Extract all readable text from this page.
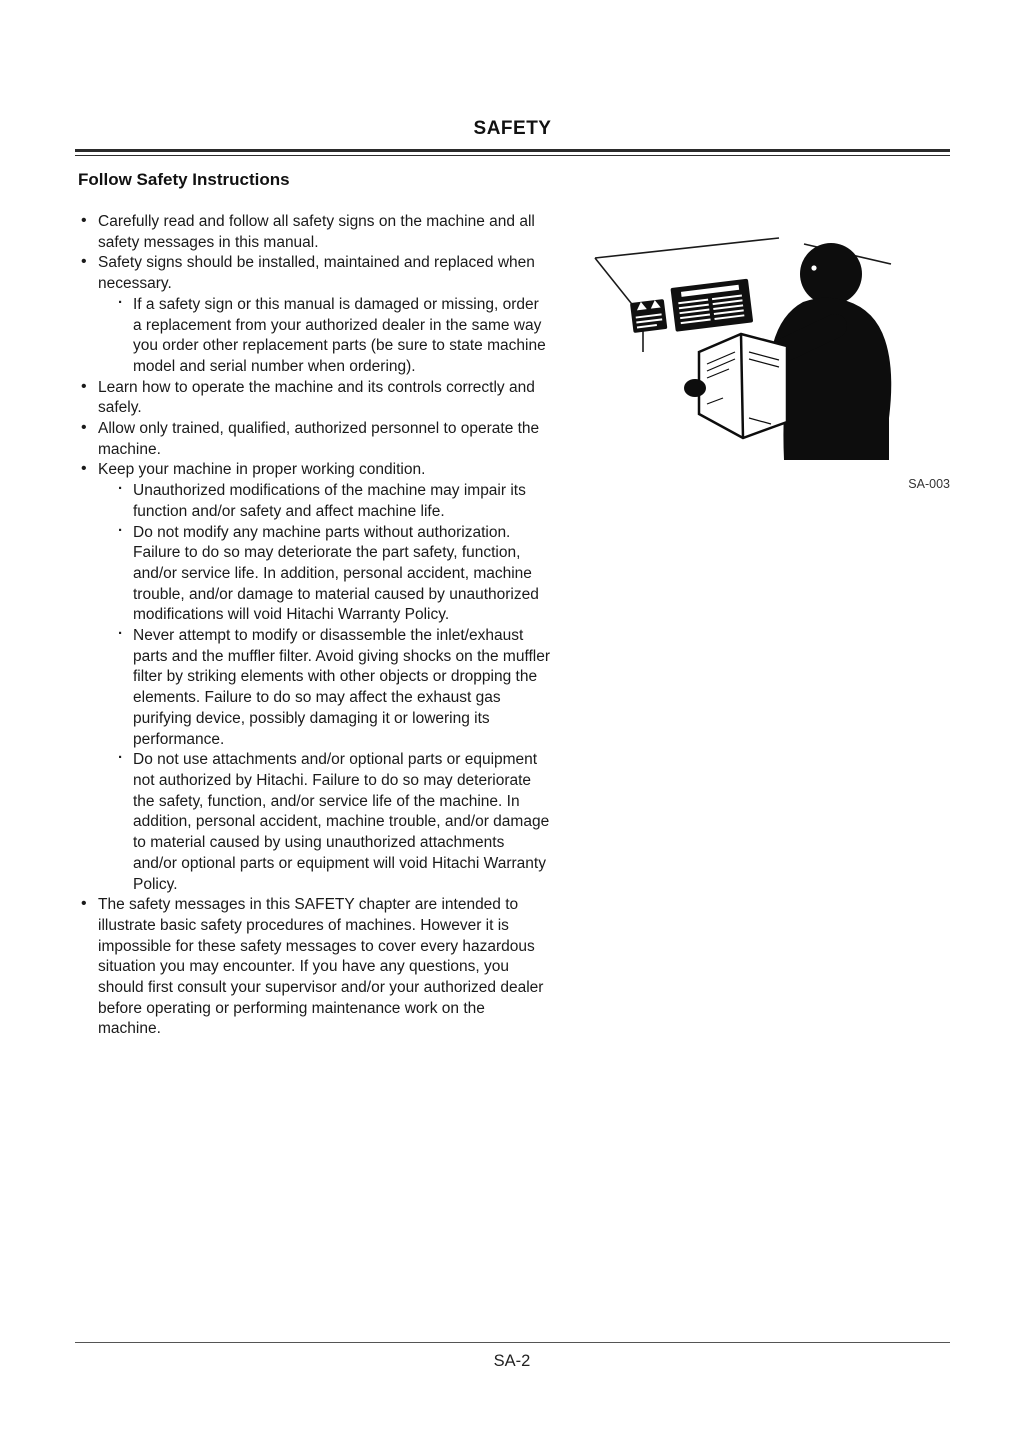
SAFETY
Follow Safety Instructions
• Carefully read and follow all safety signs on the machine and all safety messages in this manual.
• Safety signs should be installed, maintained and replaced when necessary.
· If a safety sign or this manual is damaged or missing, order a replacement from your authorized dealer in the same way you order other replacement parts (be sure to state machine model and serial number when ordering).
• Learn how to operate the machine and its controls correctly and safely.
• Allow only trained, qualified, authorized personnel to operate the machine.
• Keep your machine in proper working condition.
· Unauthorized modifications of the machine may impair its function and/or safety and affect machine life.
· Do not modify any machine parts without authorization. Failure to do so may deteriorate the part safety, function, and/or service life. In addition, personal accident, machine trouble, and/or damage to material caused by unauthorized modifications will void Hitachi Warranty Policy.
· Never attempt to modify or disassemble the inlet/exhaust parts and the muffler filter. Avoid giving shocks on the muffler filter by striking elements with other objects or dropping the elements. Failure to do so may affect the exhaust gas purifying device, possibly damaging it or lowering its performance.
· Do not use attachments and/or optional parts or equipment not authorized by Hitachi. Failure to do so may deteriorate the safety, function, and/or service life of the machine. In addition, personal accident, machine trouble, and/or damage to material caused by using unauthorized attachments and/or optional parts or equipment will void Hitachi Warranty Policy.
• The safety messages in this SAFETY chapter are intended to illustrate basic safety procedures of machines. However it is impossible for these safety messages to cover every hazardous situation you may encounter. If you have any questions, you should first consult your supervisor and/or your authorized dealer before operating or performing maintenance work on the machine.
SA-003
SA-2
